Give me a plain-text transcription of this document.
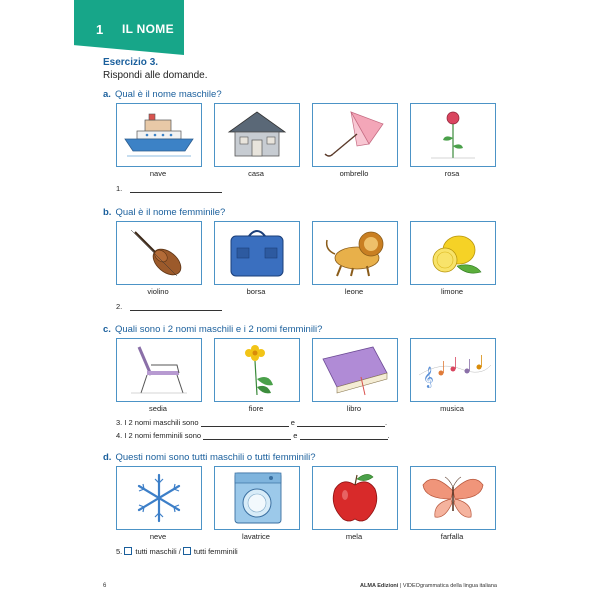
1 IL NOME
Esercizio 3.
Rispondi alle domande.
a. Qual è il nome maschile?
nave	casa	ombrello	rosa
1.
b. Qual è il nome femminile?
violino	borsa	leone	limone
2.
c. Quali sono i 2 nomi maschili e i 2 nomi femminili?
𝄞
sedia	fiore	libro	musica
3. I 2 nomi maschili sono	e	.
4. I 2 nomi femminili sono	e	.
d. Questi nomi sono tutti maschili o tutti femminili?
neve	lavatrice	mela	farfalla
5. tutti maschili / tutti femminili
6	ALMA Edizioni | VIDEOgrammatica della lingua italiana
